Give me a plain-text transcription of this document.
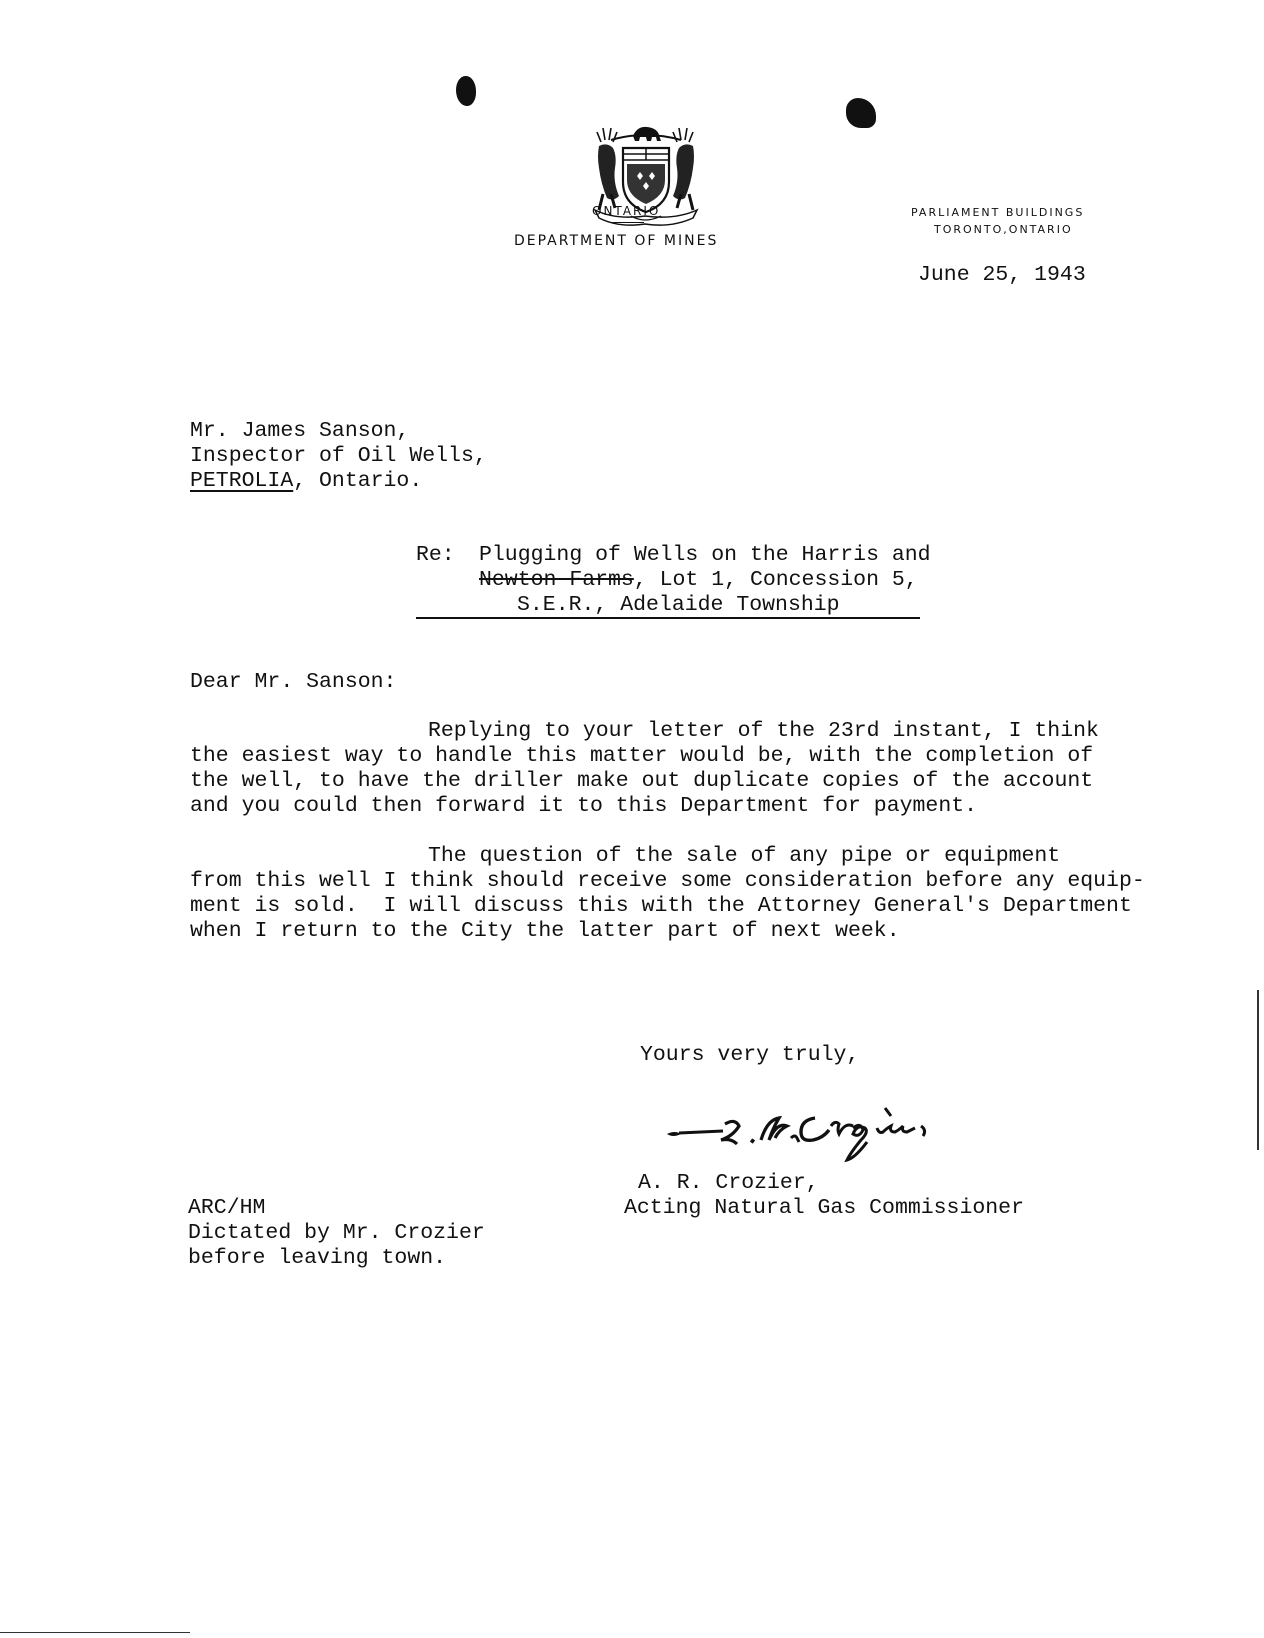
ONTARIO
DEPARTMENT OF MINES
PARLIAMENT BUILDINGS
TORONTO,ONTARIO
June 25, 1943
Mr. James Sanson,
Inspector of Oil Wells,
PETROLIA, Ontario.
Re: Plugging of Wells on the Harris and
Newton Farms, Lot 1, Concession 5,
S.E.R., Adelaide Township
Dear Mr. Sanson:
Replying to your letter of the 23rd instant, I think
the easiest way to handle this matter would be, with the completion of
the well, to have the driller make out duplicate copies of the account
and you could then forward it to this Department for payment.
The question of the sale of any pipe or equipment
from this well I think should receive some consideration before any equip-
ment is sold.  I will discuss this with the Attorney General's Department
when I return to the City the latter part of next week.
Yours very truly,

A. R. Crozier,
Acting Natural Gas Commissioner
ARC/HM
Dictated by Mr. Crozier
before leaving town.
